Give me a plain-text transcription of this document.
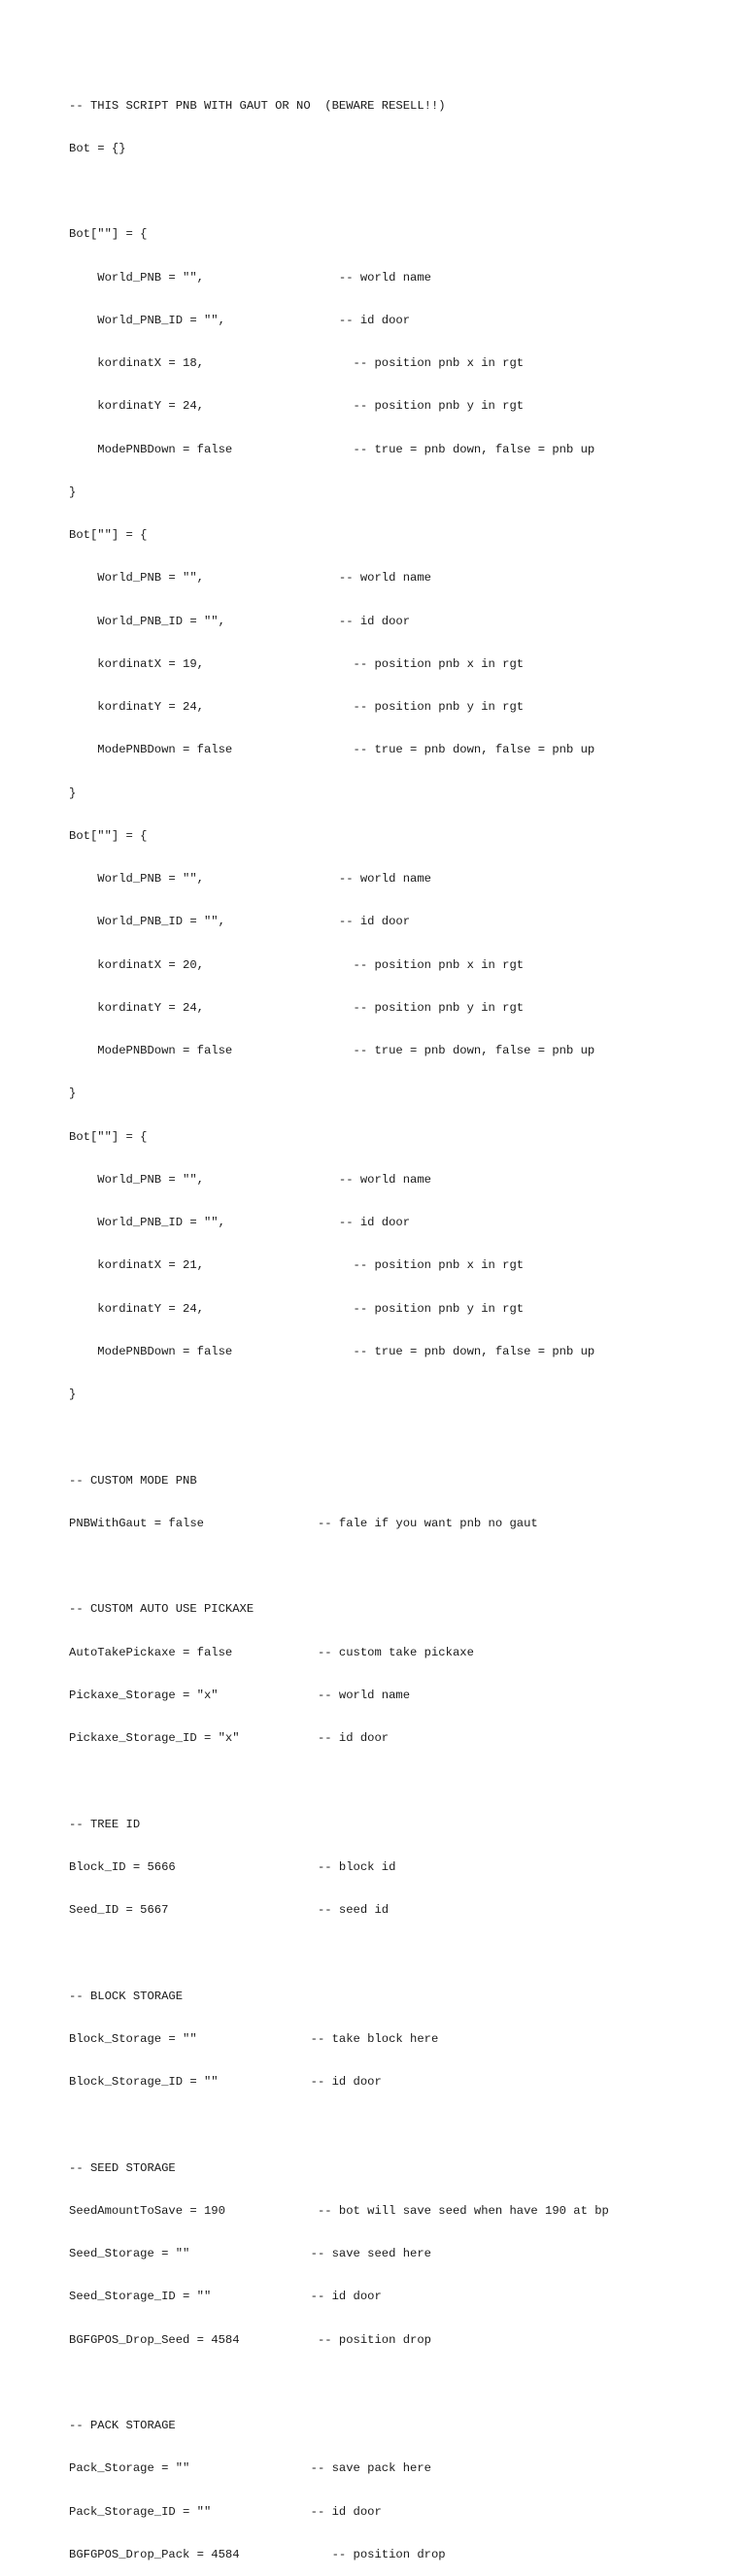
-- THIS SCRIPT PNB WITH GAUT OR NO  (BEWARE RESELL!!)

Bot = {}

Bot[""] = {

World_PNB = "",                   -- world name

World_PNB_ID = "",                -- id door

kordinatX = 18,                     -- position pnb x in rgt

kordinatY = 24,                     -- position pnb y in rgt

ModePNBDown = false                 -- true = pnb down, false = pnb up

}

Bot[""] = {

World_PNB = "",                   -- world name

World_PNB_ID = "",                -- id door

kordinatX = 19,                     -- position pnb x in rgt

kordinatY = 24,                     -- position pnb y in rgt

ModePNBDown = false                 -- true = pnb down, false = pnb up

}

Bot[""] = {

World_PNB = "",                   -- world name

World_PNB_ID = "",                -- id door

kordinatX = 20,                     -- position pnb x in rgt

kordinatY = 24,                     -- position pnb y in rgt

ModePNBDown = false                 -- true = pnb down, false = pnb up

}

Bot[""] = {

World_PNB = "",                   -- world name

World_PNB_ID = "",                -- id door

kordinatX = 21,                     -- position pnb x in rgt

kordinatY = 24,                     -- position pnb y in rgt

ModePNBDown = false                 -- true = pnb down, false = pnb up

}

-- CUSTOM MODE PNB

PNBWithGaut = false                -- fale if you want pnb no gaut

-- CUSTOM AUTO USE PICKAXE

AutoTakePickaxe = false            -- custom take pickaxe

Pickaxe_Storage = "x"              -- world name

Pickaxe_Storage_ID = "x"           -- id door

-- TREE ID

Block_ID = 5666                    -- block id

Seed_ID = 5667                     -- seed id

-- BLOCK STORAGE

Block_Storage = ""                -- take block here

Block_Storage_ID = ""             -- id door

-- SEED STORAGE

SeedAmountToSave = 190             -- bot will save seed when have 190 at bp

Seed_Storage = ""                 -- save seed here

Seed_Storage_ID = ""              -- id door

BGFGPOS_Drop_Seed = 4584           -- position drop

-- PACK STORAGE

Pack_Storage = ""                 -- save pack here

Pack_Storage_ID = ""              -- id door

BGFGPOS_Drop_Pack = 4584             -- position drop
